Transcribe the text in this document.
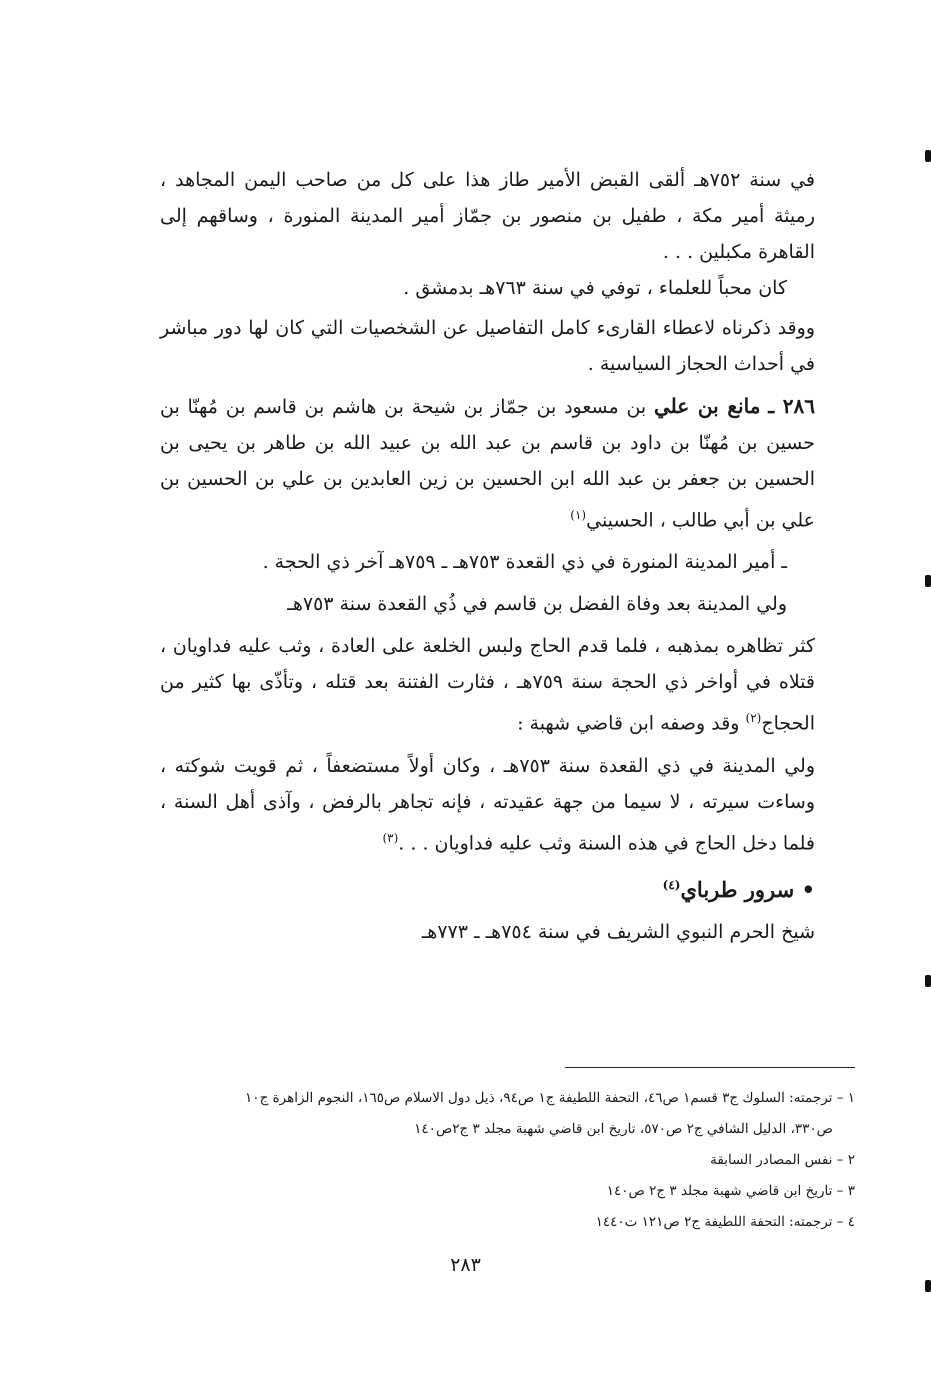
في سنة ٧٥٢هـ ألقى القبض الأمير طاز هذا على كل من صاحب اليمن المجاهد ، رميثة أمير مكة ، طفيل بن منصور بن جمّاز أمير المدينة المنورة ، وساقهم إلى القاهرة مكبلين . . .

كان محباً للعلماء ، توفي في سنة ٧٦٣هـ بدمشق .

ووقد ذكرناه لاعطاء القارىء كامل التفاصيل عن الشخصيات التي كان لها دور مباشر في أحداث الحجاز السياسية .

٢٨٦ ـ مانع بن علي بن مسعود بن جمّاز بن شيحة بن هاشم بن قاسم بن مُهنّا بن حسين بن مُهنّا بن داود بن قاسم بن عبد الله بن عبيد الله بن طاهر بن يحيى بن الحسين بن جعفر بن عبد الله ابن الحسين بن زين العابدين بن علي بن الحسين بن علي بن أبي طالب ، الحسيني$^{(١)}$

ـ أمير المدينة المنورة في ذي القعدة ٧٥٣هـ ـ ٧٥٩هـ آخر ذي الحجة .

ولي المدينة بعد وفاة الفضل بن قاسم في ذُي القعدة سنة ٧٥٣هـ

كثر تظاهره بمذهبه ، فلما قدم الحاج ولبس الخلعة على العادة ، وثب عليه فداويان ، قتلاه في أواخر ذي الحجة سنة ٧٥٩هـ ، فثارت الفتنة بعد قتله ، وتأذّى بها كثير من الحجاج$^{(٢)}$ وقد وصفه ابن قاضي شهبة :

ولي المدينة في ذي القعدة سنة ٧٥٣هـ ، وكان أولاً مستضعفاً ، ثم قويت شوكته ، وساءت سيرته ، لا سيما من جهة عقيدته ، فإنه تجاهر بالرفض ، وآذى أهل السنة ، فلما دخل الحاج في هذه السنة وثب عليه فداويان . . .$^{(٣)}$

• سرور طرباي$^{(٤)}$

شيخ الحرم النبوي الشريف في سنة ٧٥٤هـ ـ ٧٧٣هـ

١ – ترجمته: السلوك ج٣ قسم١ ص٤٦، التحفة اللطيفة ج١ ص٩٤، ذيل دول الاسلام ص١٦٥، النجوم الزاهرة ج١٠

ص٣٣٠، الدليل الشافي ج٢ ص٥٧٠، تاريخ ابن قاضي شهبة مجلد ٣ ج٢ص١٤٠

٢ – نفس المصادر السابقة

٣ – تاريخ ابن قاضي شهبة مجلد ٣ ج٢ ص١٤٠

٤ – ترجمته: التحفة اللطيفة ج٢ ص١٢١ ت١٤٤٠

٢٨٣
